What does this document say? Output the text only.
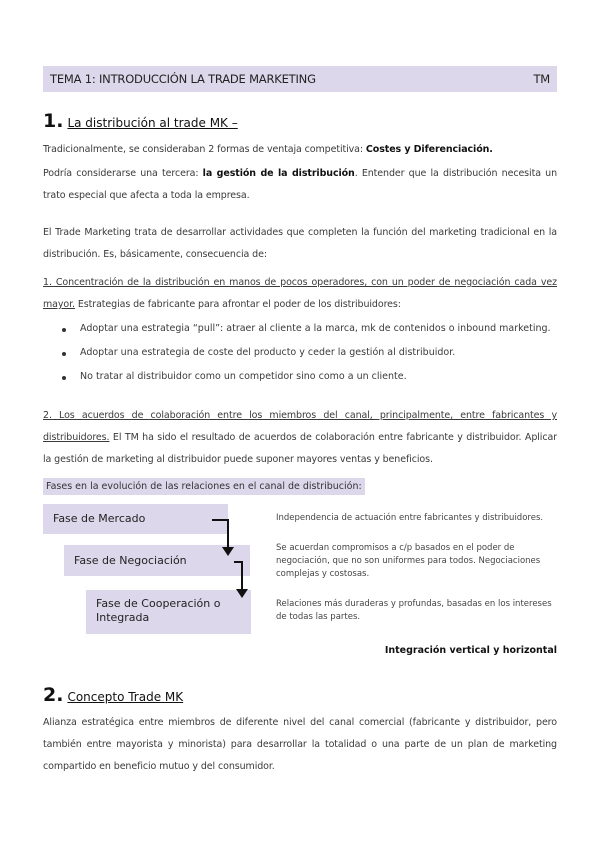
TEMA 1: INTRODUCCIÓN LA TRADE MARKETING	TM
1. La distribución al trade MK –

Tradicionalmente, se consideraban 2 formas de ventaja competitiva: Costes y Diferenciación.

Podría considerarse una tercera: la gestión de la distribución. Entender que la distribución necesita un trato especial que afecta a toda la empresa.

El Trade Marketing trata de desarrollar actividades que completen la función del marketing tradicional en la distribución. Es, básicamente, consecuencia de:

1. Concentración de la distribución en manos de pocos operadores, con un poder de negociación cada vez mayor. Estrategias de fabricante para afrontar el poder de los distribuidores:

Adoptar una estrategia “pull”: atraer al cliente a la marca, mk de contenidos o inbound marketing.
Adoptar una estrategia de coste del producto y ceder la gestión al distribuidor.
No tratar al distribuidor como un competidor sino como a un cliente.

2. Los acuerdos de colaboración entre los miembros del canal, principalmente, entre fabricantes y distribuidores. El TM ha sido el resultado de acuerdos de colaboración entre fabricante y distribuidor. Aplicar la gestión de marketing al distribuidor puede suponer mayores ventas y beneficios.

Fases en la evolución de las relaciones en el canal de distribución:
Fase de Mercado
Fase de Negociación
Fase de Cooperación o Integrada
Independencia de actuación entre fabricantes y distribuidores.
Se acuerdan compromisos a c/p basados en el poder de negociación, que no son uniformes para todos. Negociaciones complejas y costosas.
Relaciones más duraderas y profundas, basadas en los intereses de todas las partes.
Integración vertical y horizontal
2. Concepto Trade MK

Alianza estratégica entre miembros de diferente nivel del canal comercial (fabricante y distribuidor, pero también entre mayorista y minorista) para desarrollar la totalidad o una parte de un plan de marketing compartido en beneficio mutuo y del consumidor.
